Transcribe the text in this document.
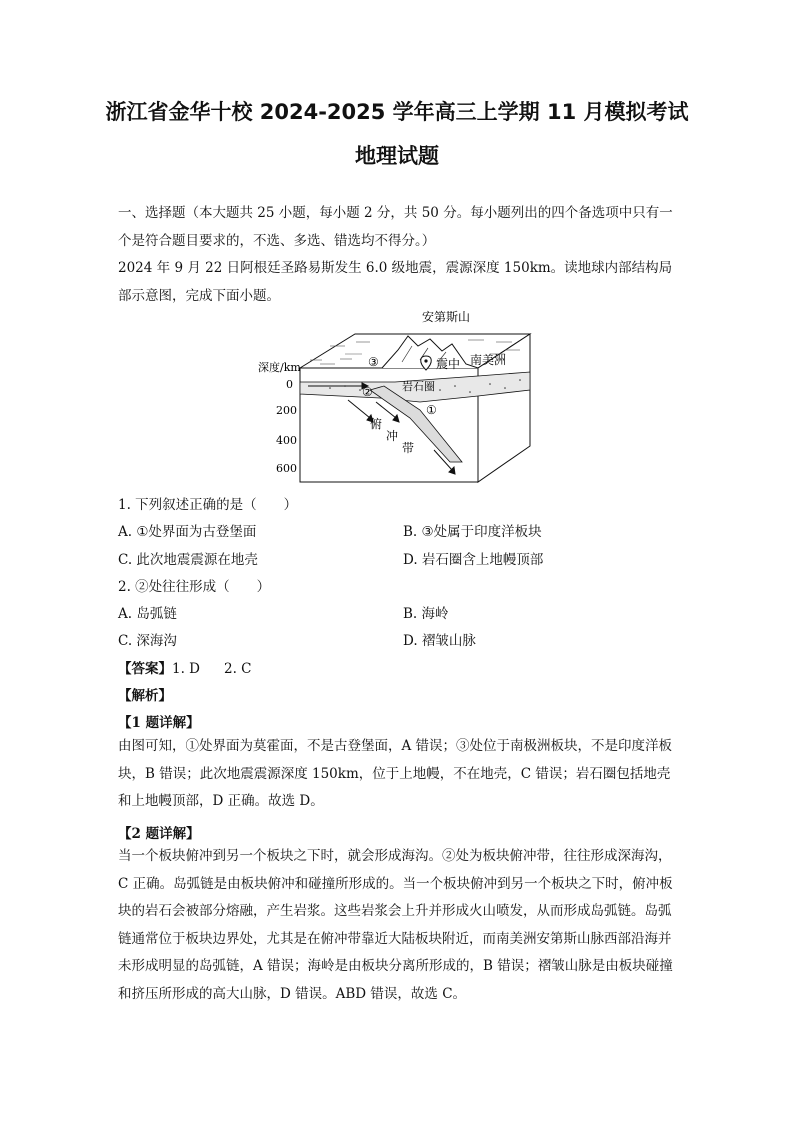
浙江省金华十校 2024-2025 学年高三上学期 11 月模拟考试
地理试题

一、选择题（本大题共 25 小题，每小题 2 分，共 50 分。每小题列出的四个备选项中只有一个是符合题目要求的，不选、多选、错选均不得分。）

2024 年 9 月 22 日阿根廷圣路易斯发生 6.0 级地震，震源深度 150km。读地球内部结构局部示意图，完成下面小题。

安第斯山
③	震中 南美洲
深度/km
0
200
400
600
②	岩石圈
①
俯
冲
带
1. 下列叙述正确的是（　　）
A. ①处界面为古登堡面	B. ③处属于印度洋板块
C. 此次地震震源在地壳	D. 岩石圈含上地幔顶部
2. ②处往往形成（　　）
A. 岛弧链	B. 海岭
C. 深海沟	D. 褶皱山脉
【答案】1. D 2. C
【解析】
【1 题详解】

由图可知，①处界面为莫霍面，不是古登堡面，A 错误；③处位于南极洲板块，不是印度洋板块，B 错误；此次地震震源深度 150km，位于上地幔，不在地壳，C 错误；岩石圈包括地壳和上地幔顶部，D 正确。故选 D。

【2 题详解】

当一个板块俯冲到另一个板块之下时，就会形成海沟。②处为板块俯冲带，往往形成深海沟，C 正确。岛弧链是由板块俯冲和碰撞所形成的。当一个板块俯冲到另一个板块之下时，俯冲板块的岩石会被部分熔融，产生岩浆。这些岩浆会上升并形成火山喷发，从而形成岛弧链。岛弧链通常位于板块边界处，尤其是在俯冲带靠近大陆板块附近，而南美洲安第斯山脉西部沿海并未形成明显的岛弧链，A 错误；海岭是由板块分离所形成的，B 错误；褶皱山脉是由板块碰撞和挤压所形成的高大山脉，D 错误。ABD 错误，故选 C。
